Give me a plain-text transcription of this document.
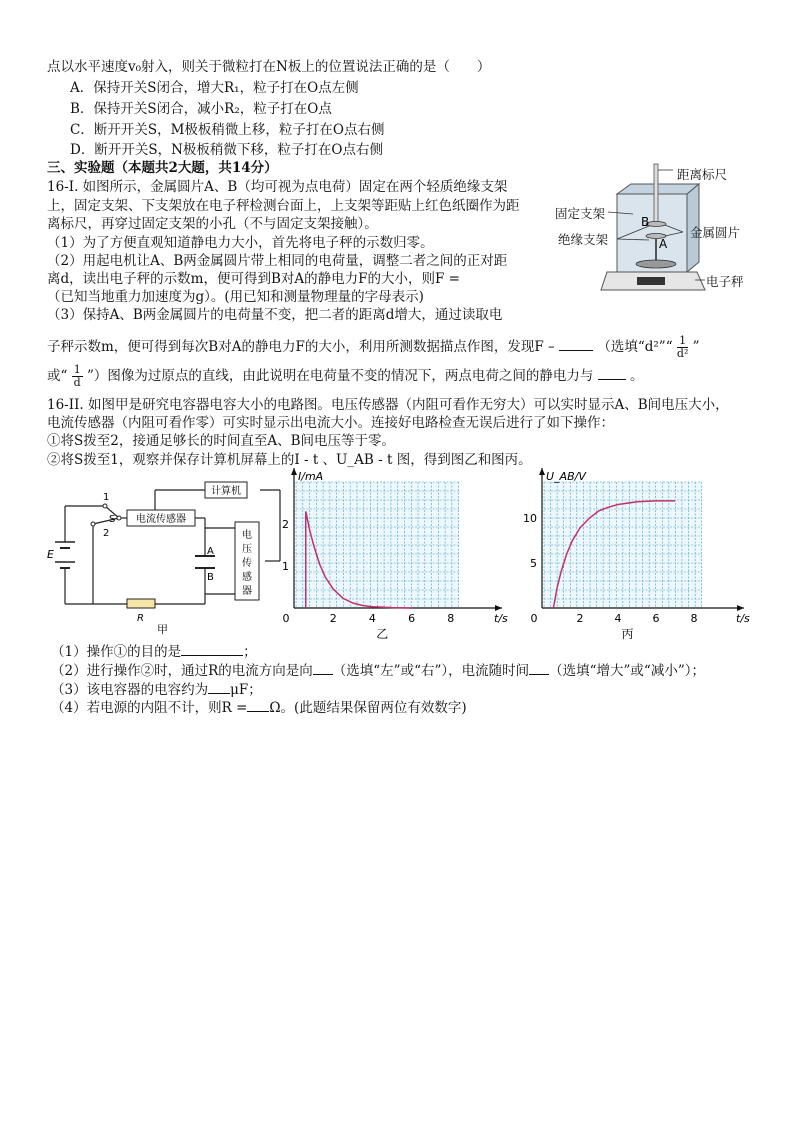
点以水平速度v₀射入，则关于微粒打在N板上的位置说法正确的是（　　）
A．保持开关S闭合，增大R₁，粒子打在O点左侧
B．保持开关S闭合，减小R₂，粒子打在O点
C．断开开关S，M极板稍微上移，粒子打在O点右侧
D．断开开关S，N极板稍微下移，粒子打在O点右侧
三、实验题（本题共2大题，共14分）
16-I. 如图所示，金属圆片A、B（均可视为点电荷）固定在两个轻质绝缘支架
上，固定支架、下支架放在电子秤检测台面上，上支架等距贴上红色纸圈作为距
离标尺，再穿过固定支架的小孔（不与固定支架接触）。
（1）为了方便直观知道静电力大小，首先将电子秤的示数归零。
（2）用起电机让A、B两金属圆片带上相同的电荷量，调整二者之间的正对距
离d，读出电子秤的示数m，便可得到B对A的静电力F的大小，则F =
（已知当地重力加速度为g）。(用已知和测量物理量的字母表示)
（3）保持A、B两金属圆片的电荷量不变，把二者的距离d增大，通过读取电
子秤示数m，便可得到每次B对A的静电力F的大小，利用所测数据描点作图，发现F –	（选填“d²”“ $\frac{1}{\text{d²}}$ ”
或“ $\frac{1}{d}$ ”）图像为过原点的直线，由此说明在电荷量不变的情况下，两点电荷之间的静电力与	。
B
A
距离标尺
固定支架
绝缘支架	金属圆片
电子秤
16-II. 如图甲是研究电容器电容大小的电路图。电压传感器（内阻可看作无穷大）可以实时显示A、B间电压大小，
电流传感器（内阻可看作零）可实时显示出电流大小。连接好电路检查无误后进行了如下操作：
①将S拨至2，接通足够长的时间直至A、B间电压等于零。
②将S拨至1，观察并保存计算机屏幕上的I - t 、U_AB - t 图，得到图乙和图丙。
电流传感器
计算机
电
压
传
感
器
1
S
2
E
R
A
B
甲
0	2	4	6	8
1
2
t/s
I/mA
乙
0	2	4	6	8
5
10
t/s
U_AB/V
丙
（1）操作①的目的是	；
（2）进行操作②时，通过R的电流方向是向 （选填“左”或“右”），电流随时间 （选填“增大”或“减小”）；
（3）该电容器的电容约为 μF；
（4）若电源的内阻不计，则R = Ω。(此题结果保留两位有效数字)
